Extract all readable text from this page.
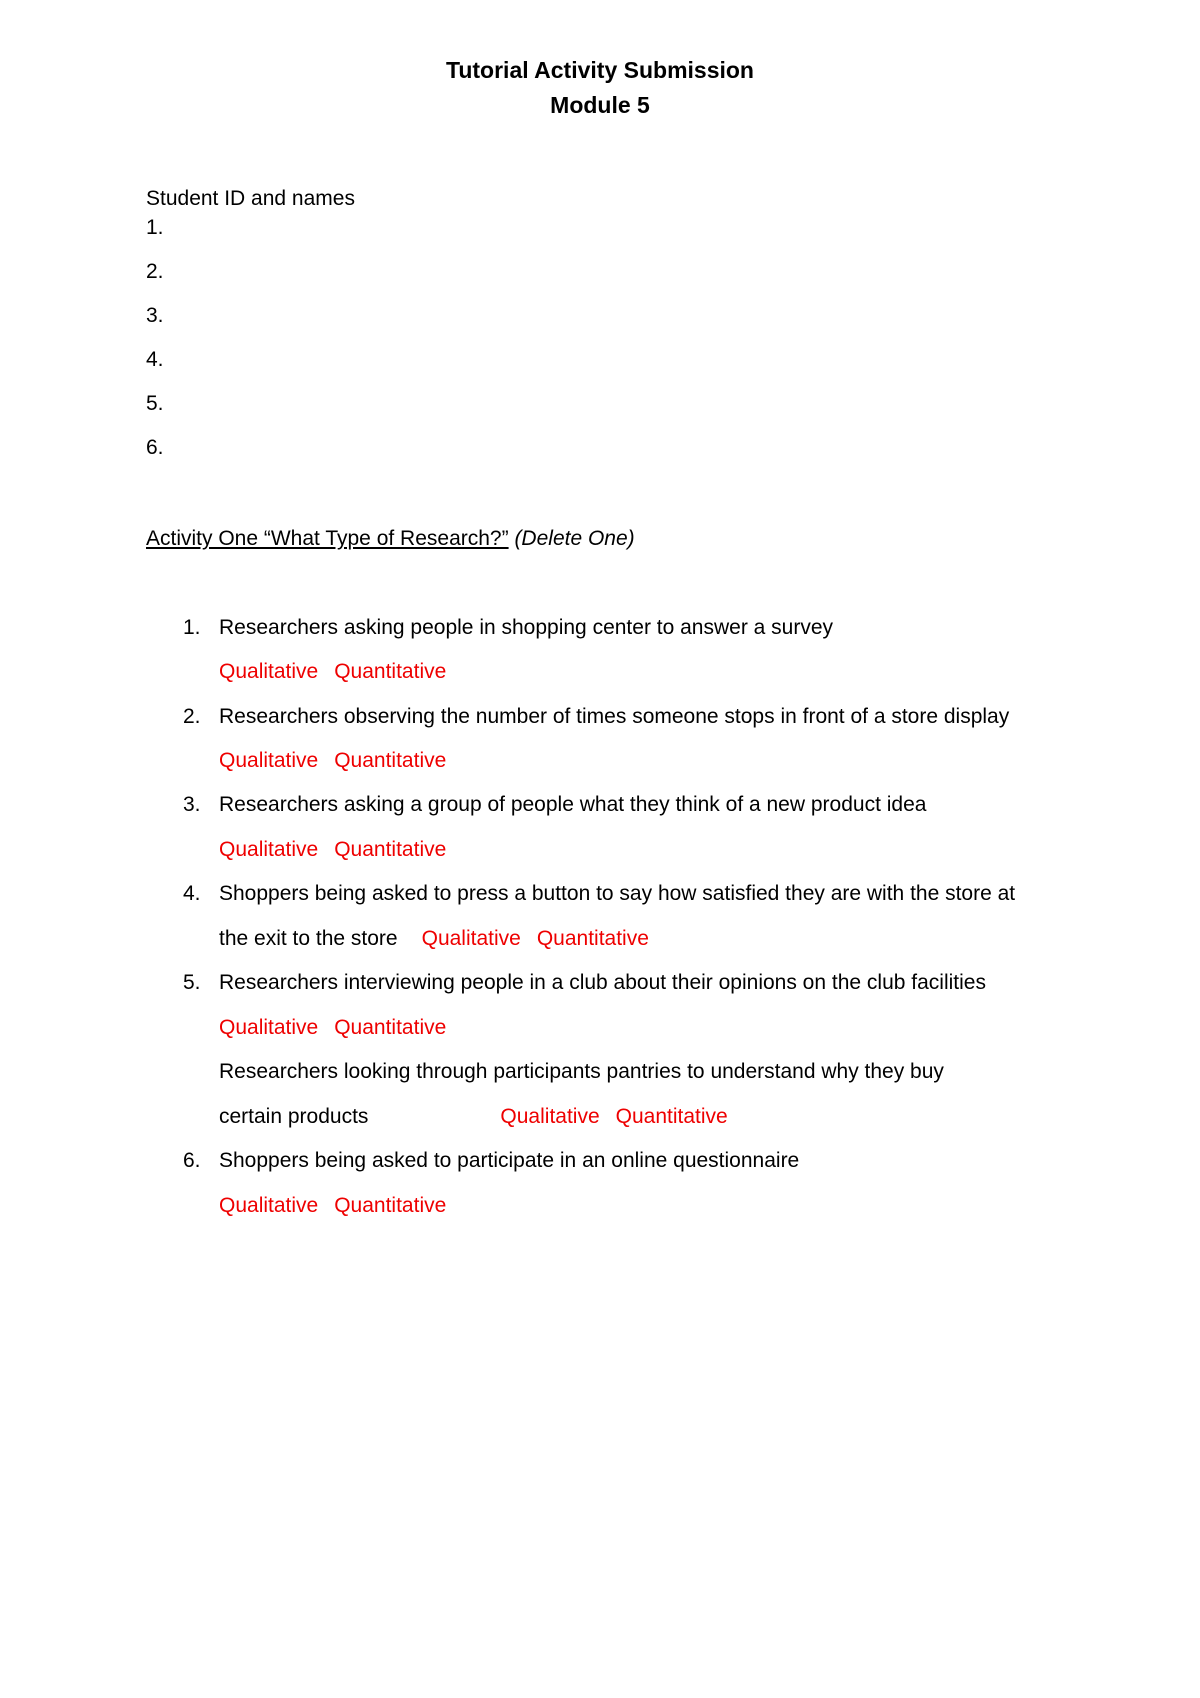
Tutorial Activity Submission
Module 5
Student ID and names
1.
2.
3.
4.
5.
6.
Activity One “What Type of Research?” (Delete One)
1. Researchers asking people in shopping center to answer a survey
Qualitative Quantitative
2. Researchers observing the number of times someone stops in front of a store display
Qualitative Quantitative
3. Researchers asking a group of people what they think of a new product idea
Qualitative Quantitative
4. Shoppers being asked to press a button to say how satisfied they are with the store at
the exit to the store Qualitative Quantitative
5. Researchers interviewing people in a club about their opinions on the club facilities
Qualitative Quantitative
Researchers looking through participants pantries to understand why they buy
certain products	Qualitative Quantitative
6. Shoppers being asked to participate in an online questionnaire
Qualitative Quantitative
